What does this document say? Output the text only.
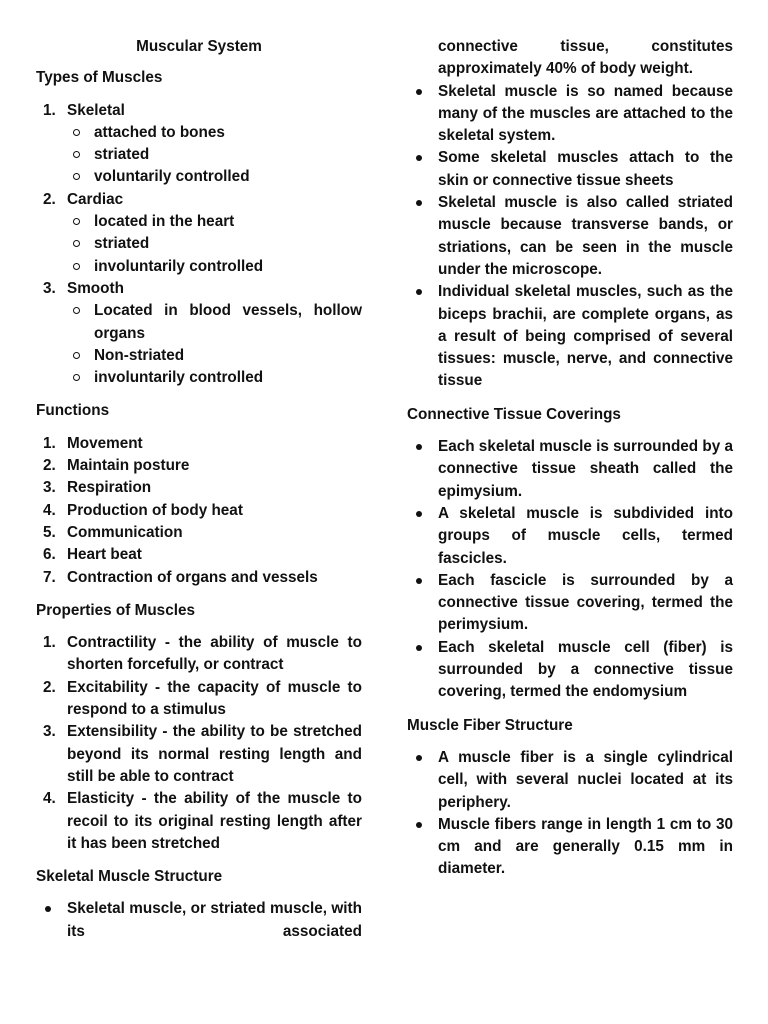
Muscular System
Types of Muscles
1. Skeletal
attached to bones
striated
voluntarily controlled
2. Cardiac
located in the heart
striated
involuntarily controlled
3. Smooth
Located in blood vessels, hollow organs
Non-striated
involuntarily controlled
Functions
1. Movement
2. Maintain posture
3. Respiration
4. Production of body heat
5. Communication
6. Heart beat
7. Contraction of organs and vessels
Properties of Muscles
1. Contractility - the ability of muscle to shorten forcefully, or contract
2. Excitability - the capacity of muscle to respond to a stimulus
3. Extensibility - the ability to be stretched beyond its normal resting length and still be able to contract
4. Elasticity - the ability of the muscle to recoil to its original resting length after it has been stretched
Skeletal Muscle Structure
Skeletal muscle, or striated muscle, with its associated
connective tissue, constitutes approximately 40% of body weight.
Skeletal muscle is so named because many of the muscles are attached to the skeletal system.
Some skeletal muscles attach to the skin or connective tissue sheets
Skeletal muscle is also called striated muscle because transverse bands, or striations, can be seen in the muscle under the microscope.
Individual skeletal muscles, such as the biceps brachii, are complete organs, as a result of being comprised of several tissues: muscle, nerve, and connective tissue
Connective Tissue Coverings
Each skeletal muscle is surrounded by a connective tissue sheath called the epimysium.
A skeletal muscle is subdivided into groups of muscle cells, termed fascicles.
Each fascicle is surrounded by a connective tissue covering, termed the perimysium.
Each skeletal muscle cell (fiber) is surrounded by a connective tissue covering, termed the endomysium
Muscle Fiber Structure
A muscle fiber is a single cylindrical cell, with several nuclei located at its periphery.
Muscle fibers range in length 1 cm to 30 cm and are generally 0.15 mm in diameter.
